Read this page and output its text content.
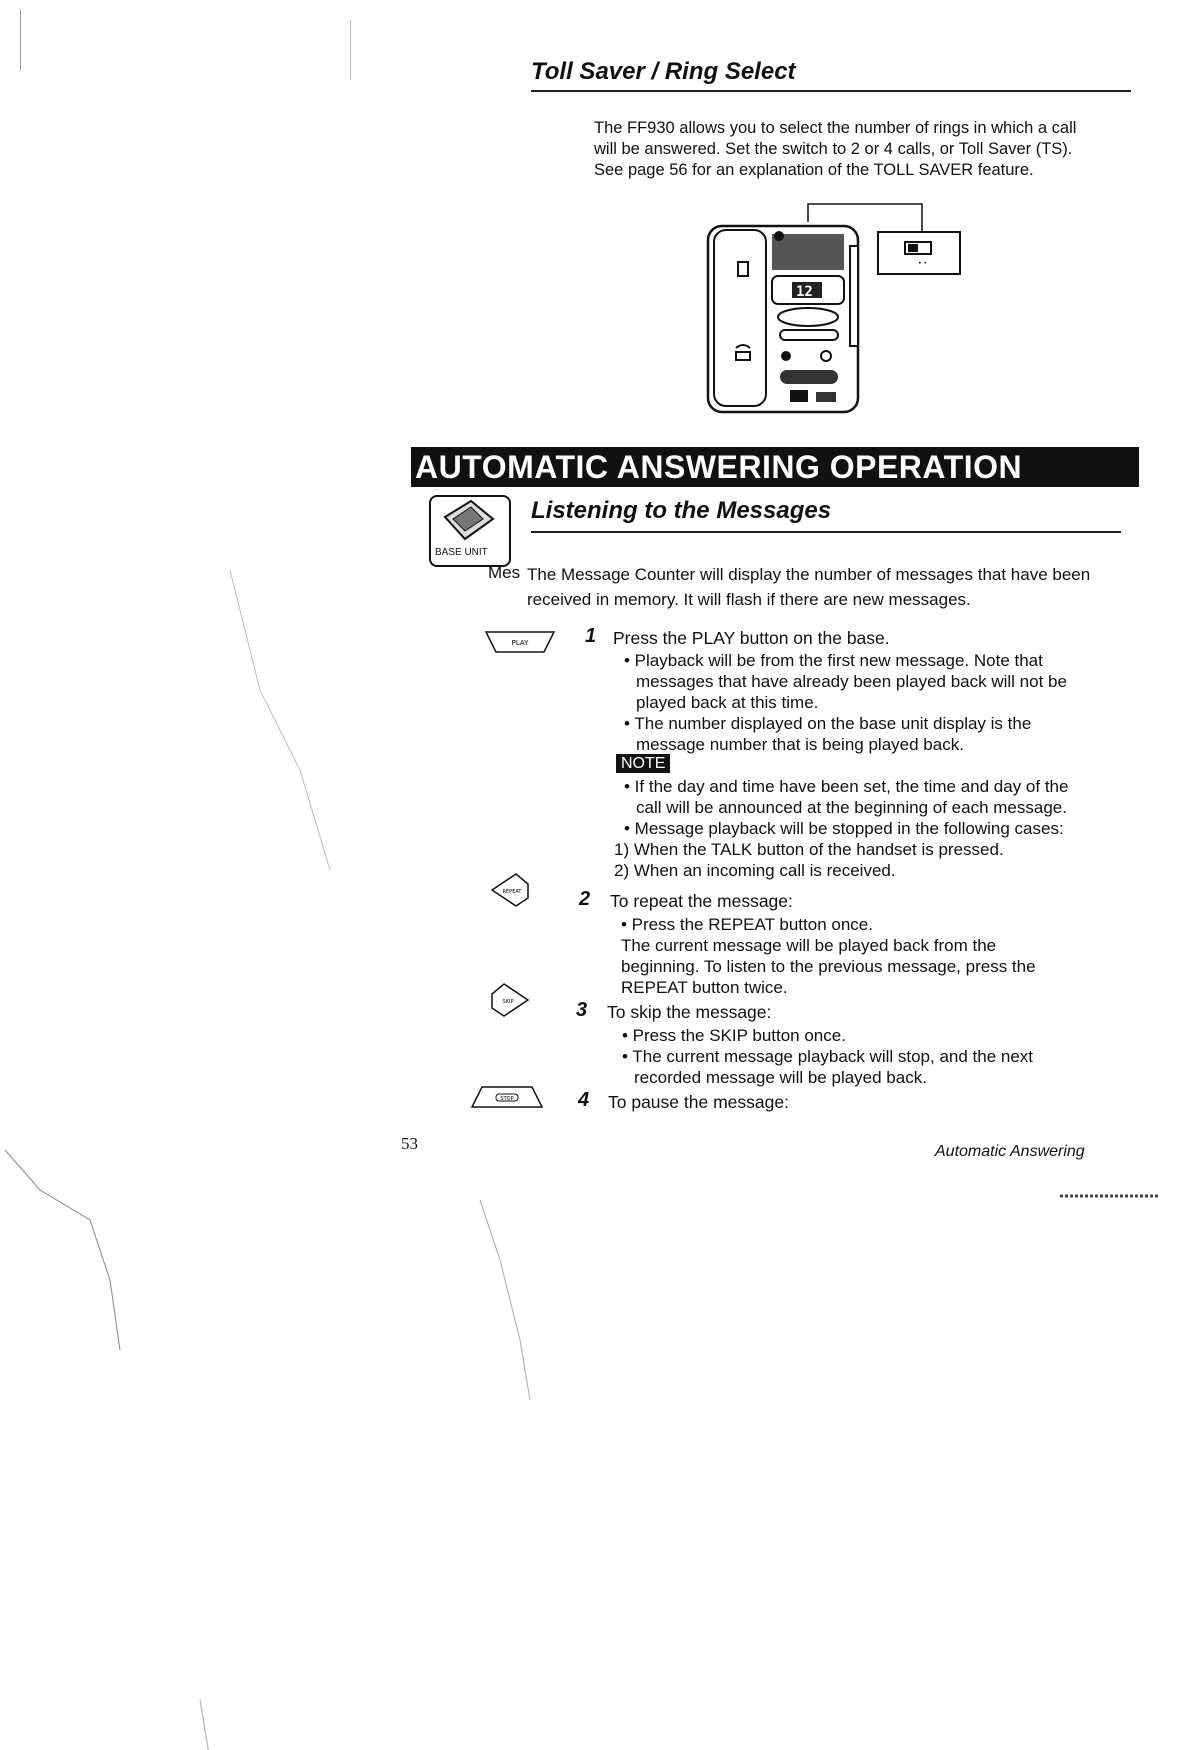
Toll Saver / Ring Select
The FF930 allows you to select the number of rings in which a call
will be answered. Set the switch to 2 or 4 calls, or Toll Saver (TS).
See page 56 for an explanation of the TOLL SAVER feature.
• •
12
AUTOMATIC ANSWERING OPERATION
BASE UNIT
Listening to the Messages
Mes The Message Counter will display the number of messages that have been
received in memory. It will flash if there are new messages.
PLAY	1 Press the PLAY button on the base.
• Playback will be from the first new message. Note that
messages that have already been played back will not be
played back at this time.
• The number displayed on the base unit display is the
message number that is being played back.
NOTE
• If the day and time have been set, the time and day of the
call will be announced at the beginning of each message.
• Message playback will be stopped in the following cases:
1) When the TALK button of the handset is pressed.
2) When an incoming call is received.
REPEAT	2 To repeat the message:
• Press the REPEAT button once.
The current message will be played back from the
beginning. To listen to the previous message, press the
REPEAT button twice.
SKIP	3 To skip the message:
• Press the SKIP button once.
• The current message playback will stop, and the next
recorded message will be played back.
STOP	4 To pause the message:
53	Automatic Answering
